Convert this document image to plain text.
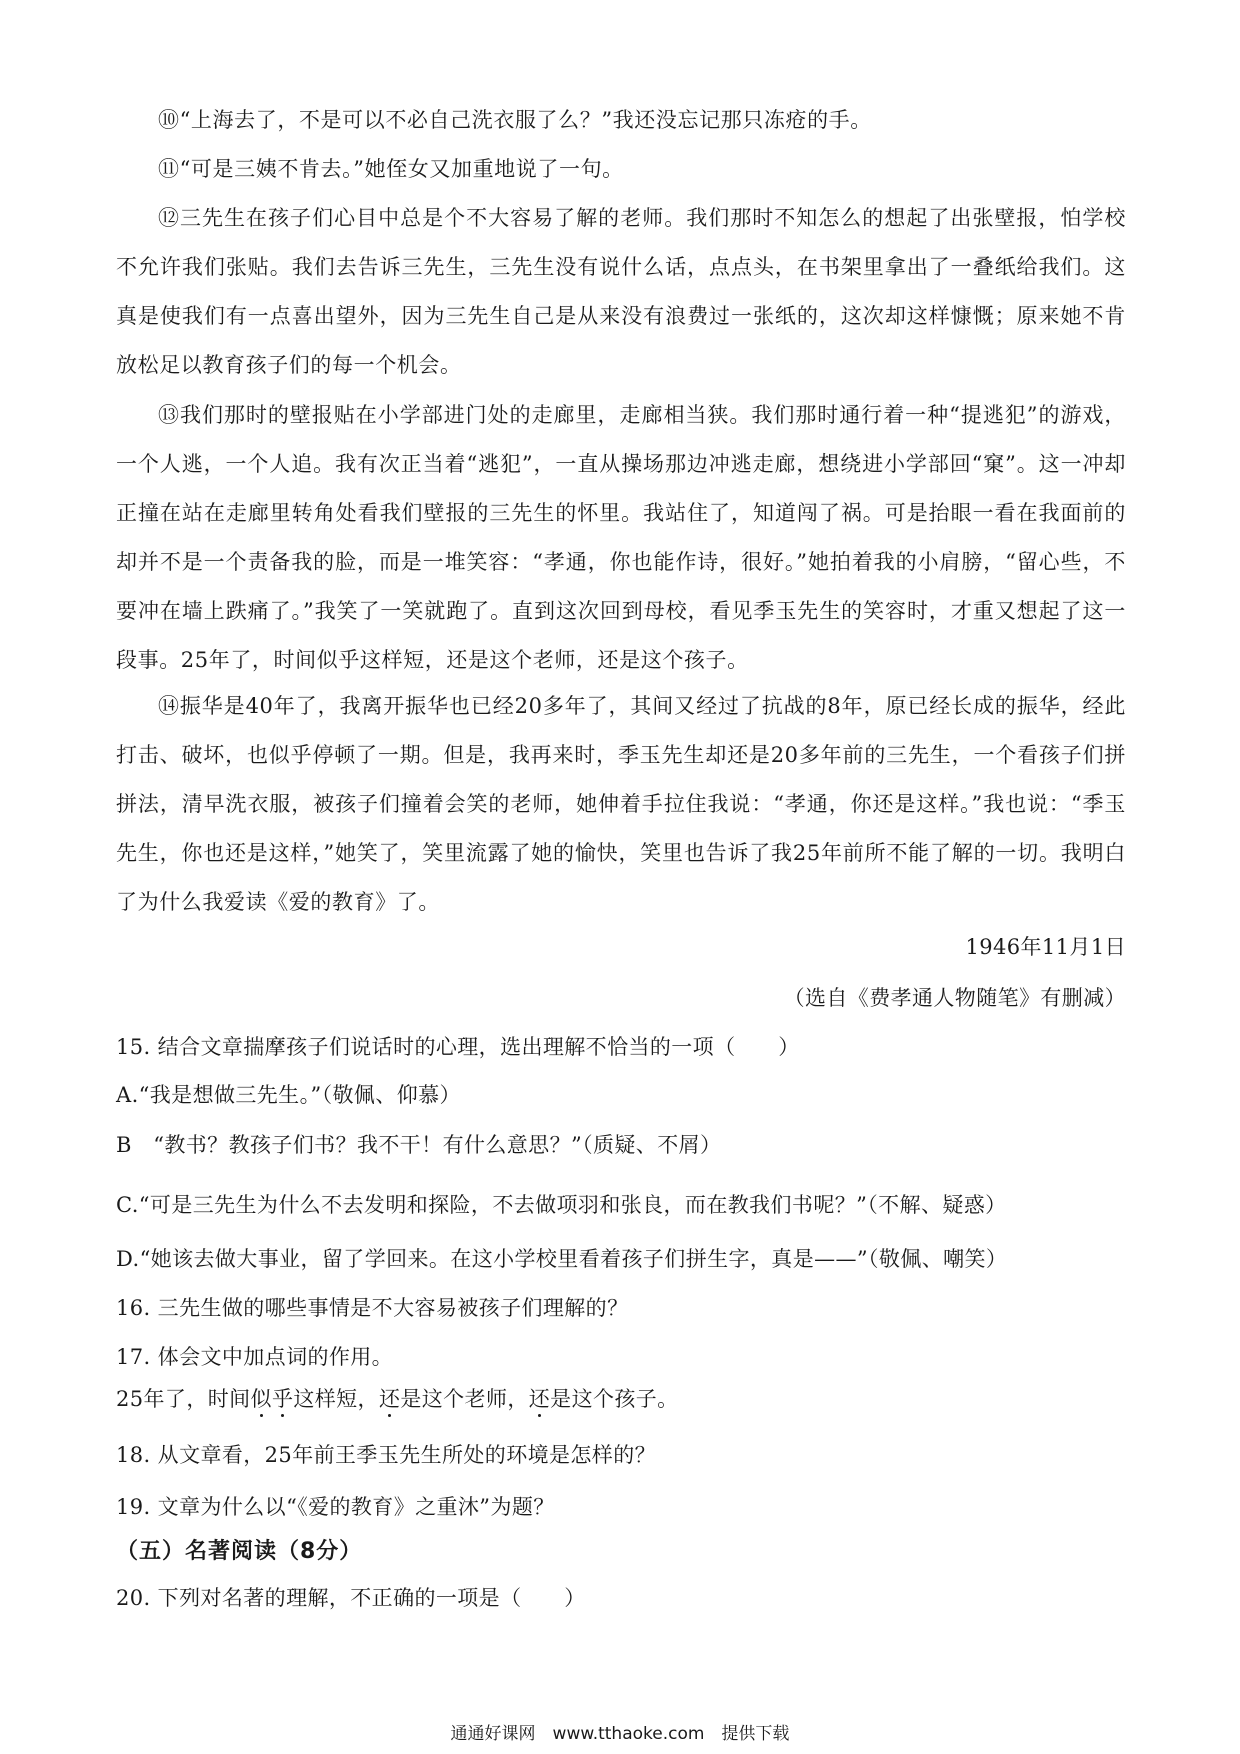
⑩“上海去了，不是可以不必自己洗衣服了么？”我还没忘记那只冻疮的手。
⑪“可是三姨不肯去。”她侄女又加重地说了一句。
⑫三先生在孩子们心目中总是个不大容易了解的老师。我们那时不知怎么的想起了出张壁报，怕学校不允许我们张贴。我们去告诉三先生，三先生没有说什么话，点点头，在书架里拿出了一叠纸给我们。这真是使我们有一点喜出望外，因为三先生自己是从来没有浪费过一张纸的，这次却这样慷慨；原来她不肯放松足以教育孩子们的每一个机会。
⑬我们那时的壁报贴在小学部进门处的走廊里，走廊相当狭。我们那时通行着一种“提逃犯”的游戏，一个人逃，一个人追。我有次正当着“逃犯”，一直从操场那边冲逃走廊，想绕进小学部回“窠”。这一冲却正撞在站在走廊里转角处看我们壁报的三先生的怀里。我站住了，知道闯了祸。可是抬眼一看在我面前的却并不是一个责备我的脸，而是一堆笑容：“孝通，你也能作诗，很好。”她拍着我的小肩膀，“留心些，不要冲在墙上跌痛了。”我笑了一笑就跑了。直到这次回到母校，看见季玉先生的笑容时，才重又想起了这一段事。25年了，时间似乎这样短，还是这个老师，还是这个孩子。
⑭振华是40年了，我离开振华也已经20多年了，其间又经过了抗战的8年，原已经长成的振华，经此打击、破坏，也似乎停顿了一期。但是，我再来时，季玉先生却还是20多年前的三先生，一个看孩子们拼拼法，清早洗衣服，被孩子们撞着会笑的老师，她伸着手拉住我说：“孝通，你还是这样。”我也说：“季玉先生，你也还是这样，”她笑了，笑里流露了她的愉快，笑里也告诉了我25年前所不能了解的一切。我明白了为什么我爱读《爱的教育》了。
1946年11月1日
（选自《费孝通人物随笔》有删减）
15. 结合文章揣摩孩子们说话时的心理，选出理解不恰当的一项（　　）
A.“我是想做三先生。”（敬佩、仰慕）
B　“教书？教孩子们书？我不干！有什么意思？”（质疑、不屑）
C.“可是三先生为什么不去发明和探险，不去做项羽和张良，而在教我们书呢？”（不解、疑惑）
D.“她该去做大事业，留了学回来。在这小学校里看着孩子们拼生字，真是——”（敬佩、嘲笑）
16. 三先生做的哪些事情是不大容易被孩子们理解的？
17. 体会文中加点词的作用。
25年了，时间似乎这样短，还是这个老师，还是这个孩子。
18. 从文章看，25年前王季玉先生所处的环境是怎样的？
19. 文章为什么以“《爱的教育》之重沐”为题？
（五）名著阅读（8分）
20. 下列对名著的理解，不正确的一项是（　　）
通通好课网　www.tthaoke.com　提供下载
